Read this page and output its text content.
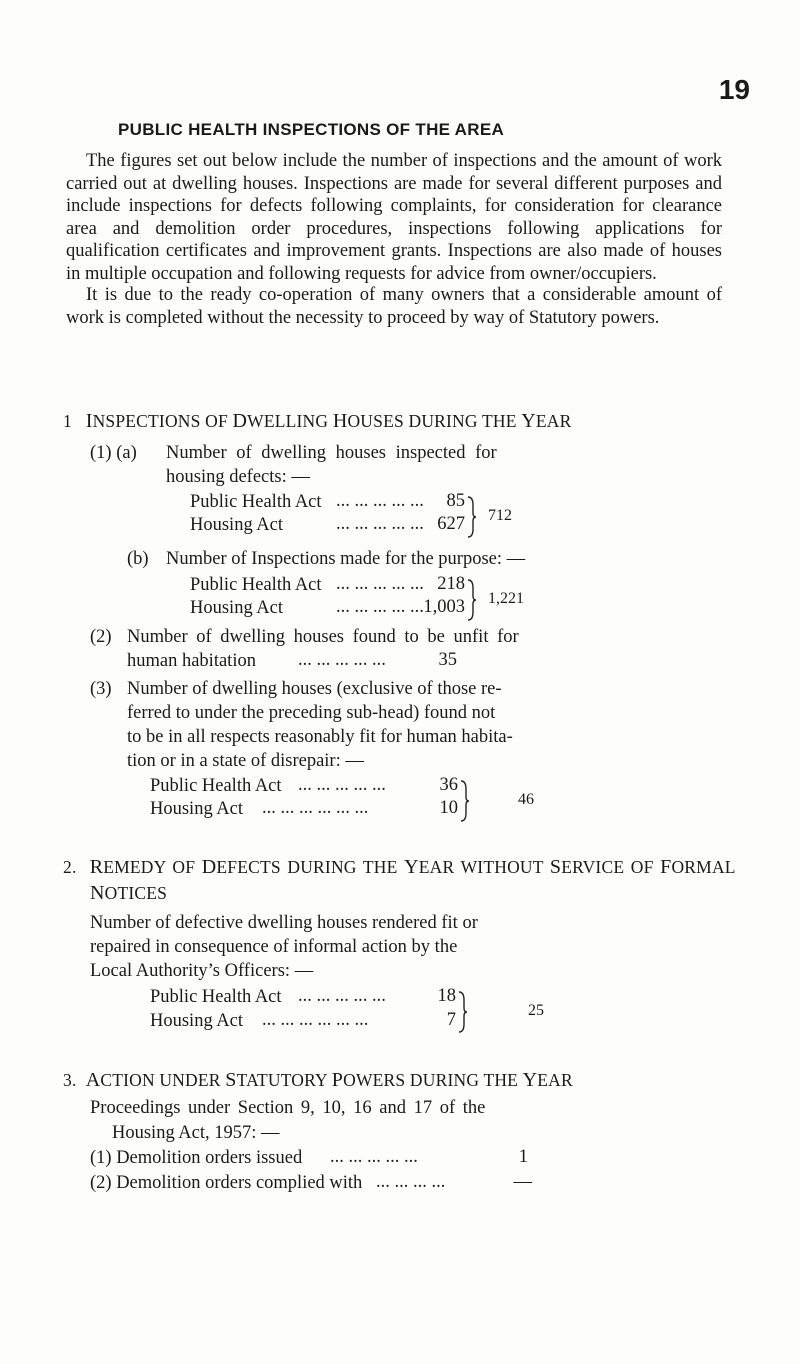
19
PUBLIC HEALTH INSPECTIONS OF THE AREA

The figures set out below include the number of inspections and the amount of work carried out at dwelling houses. Inspections are made for several different purposes and include inspections for defects following complaints, for consideration for clearance area and demolition order procedures, inspections following applications for qualification certificates and improvement grants. Inspections are also made of houses in multiple occupation and following requests for advice from owner/occupiers.

It is due to the ready co-operation of many owners that a considerable amount of work is completed without the necessity to proceed by way of Statutory powers.

1 INSPECTIONS OF DWELLING HOUSES DURING THE YEAR
(1) (a) Number of dwelling houses inspected for
housing defects: —
Public Health Act ... ... ... ... ... 85
Housing Act	... ... ... ... ... 627 712
(b) Number of Inspections made for the purpose: —
Public Health Act ... ... ... ... ... 218
Housing Act	... ... ... ... ... 1,003 1,221
(2) Number of dwelling houses found to be unfit for
human habitation ... ... ... ... ...	35
(3) Number of dwelling houses (exclusive of those re-
ferred to under the preceding sub-head) found not
to be in all respects reasonably fit for human habita-
tion or in a state of disrepair: —
Public Health Act ... ... ... ... ...	36
Housing Act ... ... ... ... ... ...	10	46
2. REMEDY OF DEFECTS DURING THE YEAR WITHOUT SERVICE OF FORMAL
NOTICES
Number of defective dwelling houses rendered fit or
repaired in consequence of informal action by the
Local Authority’s Officers: —
Public Health Act ... ... ... ... ...	18
Housing Act ... ... ... ... ... ...	7	25
3. ACTION UNDER STATUTORY POWERS DURING THE YEAR
Proceedings under Section 9, 10, 16 and 17 of the
Housing Act, 1957: —
(1) Demolition orders issued ... ... ... ... ...	1
(2) Demolition orders complied with ... ... ... ...	—
